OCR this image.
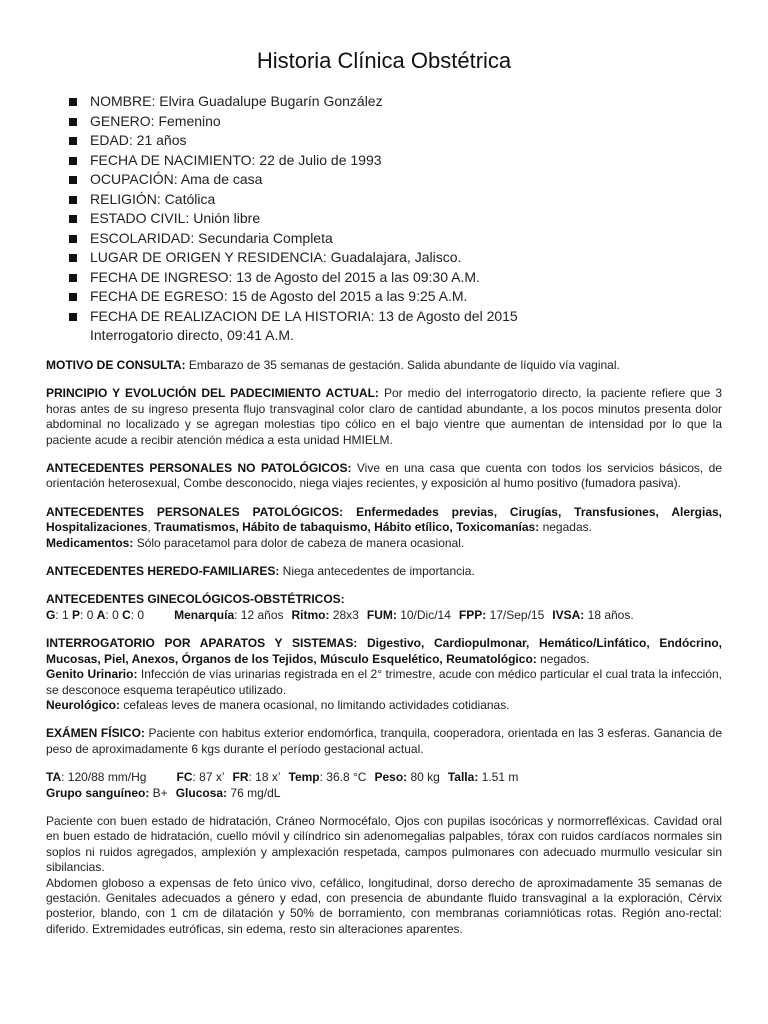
Historia Clínica Obstétrica
NOMBRE: Elvira Guadalupe Bugarín González
GENERO: Femenino
EDAD: 21 años
FECHA DE NACIMIENTO: 22 de Julio de 1993
OCUPACIÓN: Ama de casa
RELIGIÓN: Católica
ESTADO CIVIL: Unión libre
ESCOLARIDAD: Secundaria Completa
LUGAR DE ORIGEN Y RESIDENCIA: Guadalajara, Jalisco.
FECHA DE INGRESO: 13 de Agosto del 2015 a las 09:30 A.M.
FECHA DE EGRESO: 15 de Agosto del 2015 a las 9:25 A.M.
FECHA DE REALIZACION DE LA HISTORIA: 13 de Agosto del 2015
Interrogatorio directo, 09:41 A.M.

MOTIVO DE CONSULTA: Embarazo de 35 semanas de gestación. Salida abundante de líquido vía vaginal.

PRINCIPIO Y EVOLUCIÓN DEL PADECIMIENTO ACTUAL: Por medio del interrogatorio directo, la paciente refiere que 3 horas antes de su ingreso presenta flujo transvaginal color claro de cantidad abundante, a los pocos minutos presenta dolor abdominal no localizado y se agregan molestias tipo cólico en el bajo vientre que aumentan de intensidad por lo que la paciente acude a recibir atención médica a esta unidad HMIELM.

ANTECEDENTES PERSONALES NO PATOLÓGICOS: Vive en una casa que cuenta con todos los servicios básicos, de orientación heterosexual, Combe desconocido, niega viajes recientes, y exposición al humo positivo (fumadora pasiva).

ANTECEDENTES PERSONALES PATOLÓGICOS: Enfermedades previas, Cirugías, Transfusiones, Alergias, Hospitalizaciones, Traumatismos, Hábito de tabaquismo, Hábito etílico, Toxicomanías: negadas.

Medicamentos: Sólo paracetamol para dolor de cabeza de manera ocasional.

ANTECEDENTES HEREDO-FAMILIARES: Niega antecedentes de importancia.

ANTECEDENTES GINECOLÓGICOS-OBSTÉTRICOS:

G: 1 P: 0 A: 0 C: 0	Menarquía: 12 años Ritmo: 28x3 FUM: 10/Dic/14 FPP: 17/Sep/15 IVSA: 18 años.

INTERROGATORIO POR APARATOS Y SISTEMAS: Digestivo, Cardiopulmonar, Hemático/Linfático, Endócrino, Mucosas, Piel, Anexos, Órganos de los Tejidos, Músculo Esquelético, Reumatológico: negados.

Genito Urinario: Infección de vías urinarias registrada en el 2° trimestre, acude con médico particular el cual trata la infección, se desconoce esquema terapéutico utilizado.

Neurológico: cefaleas leves de manera ocasional, no limitando actividades cotidianas.

EXÁMEN FÍSICO: Paciente con habitus exterior endomórfica, tranquila, cooperadora, orientada en las 3 esferas. Ganancia de peso de aproximadamente 6 kgs durante el período gestacional actual.

TA: 120/88 mm/Hg	FC: 87 x’ FR: 18 x’ Temp: 36.8 °C Peso: 80 kg Talla: 1.51 m

Grupo sanguíneo: B+ Glucosa: 76 mg/dL

Paciente con buen estado de hidratación, Cráneo Normocéfalo, Ojos con pupilas isocóricas y normorrefléxicas. Cavidad oral en buen estado de hidratación, cuello móvil y cilíndrico sin adenomegalias palpables, tórax con ruidos cardíacos normales sin soplos ni ruidos agregados, amplexión y amplexación respetada, campos pulmonares con adecuado murmullo vesicular sin sibilancias.

Abdomen globoso a expensas de feto único vivo, cefálico, longitudinal, dorso derecho de aproximadamente 35 semanas de gestación. Genitales adecuados a género y edad, con presencia de abundante fluido transvaginal a la exploración, Cérvix posterior, blando, con 1 cm de dilatación y 50% de borramiento, con membranas coriamnióticas rotas. Región ano-rectal: diferido. Extremidades eutróficas, sin edema, resto sin alteraciones aparentes.
